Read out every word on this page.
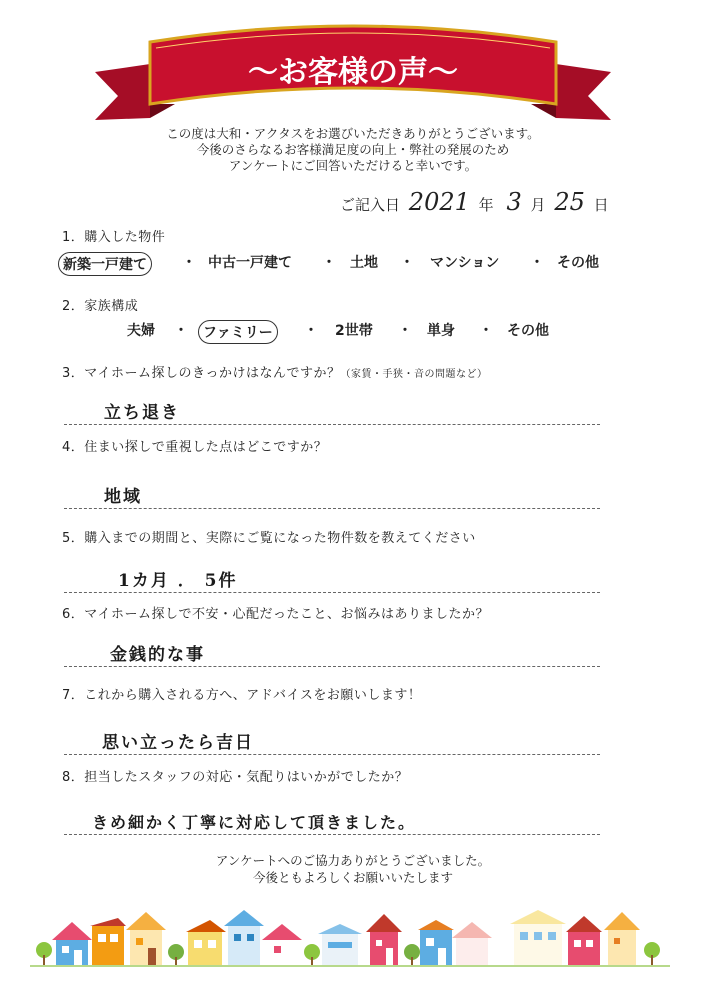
〜お客様の声〜
この度は大和・アクタスをお選びいただきありがとうございます。
今後のさらなるお客様満足度の向上・弊社の発展のため
アンケートにご回答いただけると幸いです。
ご記入日 2021 年 3 月 25 日
1．購入した物件
新築一戸建て	・ 中古一戸建て ・ 土地 ・ マンション ・ その他
2．家族構成
夫婦 ・	ファミリー	・ 2世帯 ・ 単身 ・ その他
3．マイホーム探しのきっかけはなんですか？（家賃・手狭・音の問題など）
立ち退き
4．住まい探しで重視した点はどこですか？
地域
5．購入までの期間と、実際にご覧になった物件数を教えてください
1カ月 ． 5件
6．マイホーム探しで不安・心配だったこと、お悩みはありましたか？
金銭的な事
7．これから購入される方へ、アドバイスをお願いします！
思い立ったら吉日
8．担当したスタッフの対応・気配りはいかがでしたか？
きめ細かく丁寧に対応して頂きました。
アンケートへのご協力ありがとうございました。
今後ともよろしくお願いいたします
